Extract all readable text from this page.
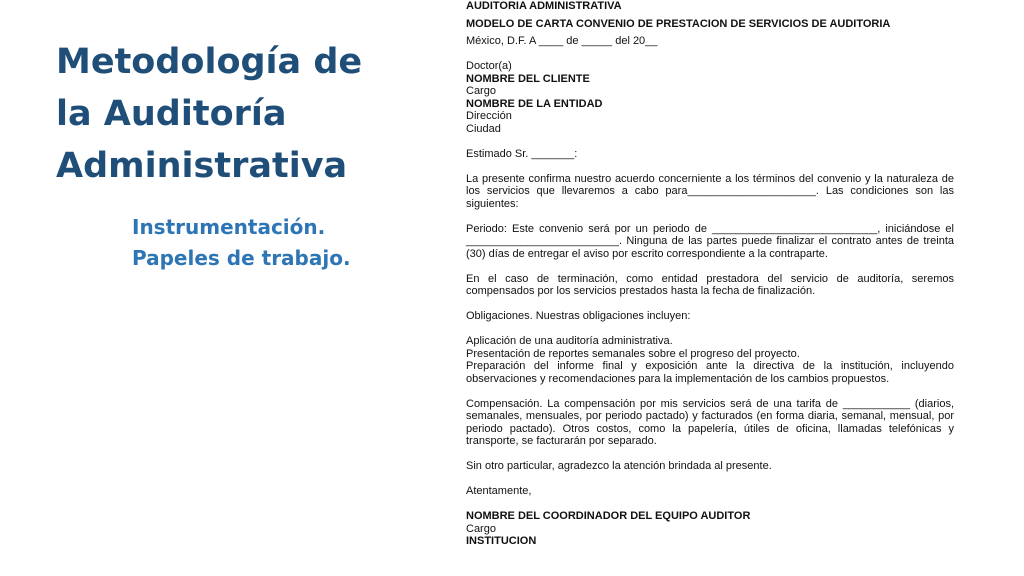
Metodología de
la Auditoría
Administrativa
Instrumentación.
Papeles de trabajo.
AUDITORIA ADMINISTRATIVA
MODELO DE CARTA CONVENIO DE PRESTACION DE SERVICIOS DE AUDITORIA
México, D.F. A ____ de _____ del 20__
Doctor(a)
NOMBRE DEL CLIENTE
Cargo
NOMBRE DE LA ENTIDAD
Dirección
Ciudad
Estimado Sr. _______:
La presente confirma nuestro acuerdo concerniente a los términos del convenio y la naturaleza de
los servicios que llevaremos a cabo para_____________________. Las condiciones son las
siguientes:
Periodo: Este convenio será por un periodo de ___________________________, iniciándose el
_________________________. Ninguna de las partes puede finalizar el contrato antes de treinta
(30) días de entregar el aviso por escrito correspondiente a la contraparte.
En el caso de terminación, como entidad prestadora del servicio de auditoría, seremos
compensados por los servicios prestados hasta la fecha de finalización.
Obligaciones. Nuestras obligaciones incluyen:
Aplicación de una auditoría administrativa.
Presentación de reportes semanales sobre el progreso del proyecto.
Preparación del informe final y exposición ante la directiva de la institución, incluyendo
observaciones y recomendaciones para la implementación de los cambios propuestos.
Compensación. La compensación por mis servicios será de una tarifa de ___________ (diarios,
semanales, mensuales, por periodo pactado) y facturados (en forma diaria, semanal, mensual, por
periodo pactado). Otros costos, como la papelería, útiles de oficina, llamadas telefónicas y
transporte, se facturarán por separado.
Sin otro particular, agradezco la atención brindada al presente.
Atentamente,
NOMBRE DEL COORDINADOR DEL EQUIPO AUDITOR
Cargo
INSTITUCION
